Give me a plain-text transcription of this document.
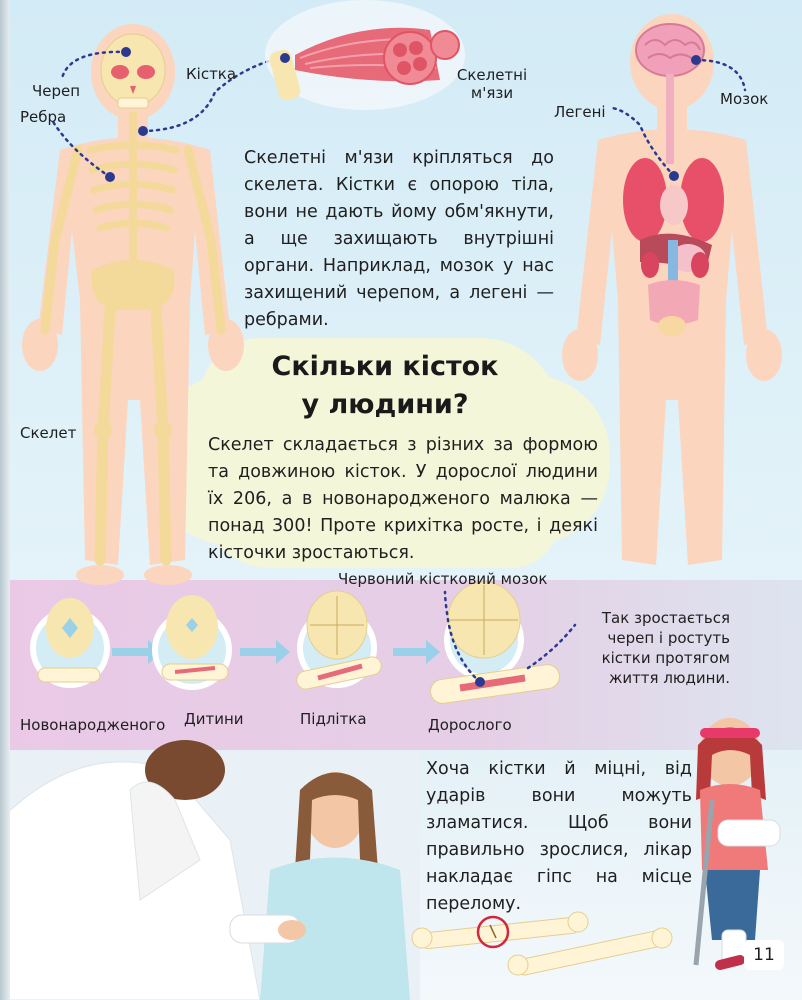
Череп
Ребра
Кістка	Скелетні
м'язи
Легені
Мозок
Скелет
Червоний кістковий мозок
Скелетні м'язи кріпляться до скелета. Кістки є опорою тіла, вони не дають йому обм'якнути, а ще захищають внутрішні органи. Наприклад, мозок у нас захищений черепом, а легені — ребрами.
Скільки кісток
у людини?
Скелет складається з різних за формою та довжиною кісток. У дорослої людини їх 206, а в новонародженого малюка — понад 300! Проте крихітка росте, і деякі кісточки зростаються.
Новонародженого Дитини	Підлітка	Дорослого
Так зростається череп і ростуть кістки протягом життя людини.
Хоча кістки й міцні, від ударів вони можуть зламатися. Щоб вони правильно зрослися, лікар накладає гіпс на місце перелому.
11
